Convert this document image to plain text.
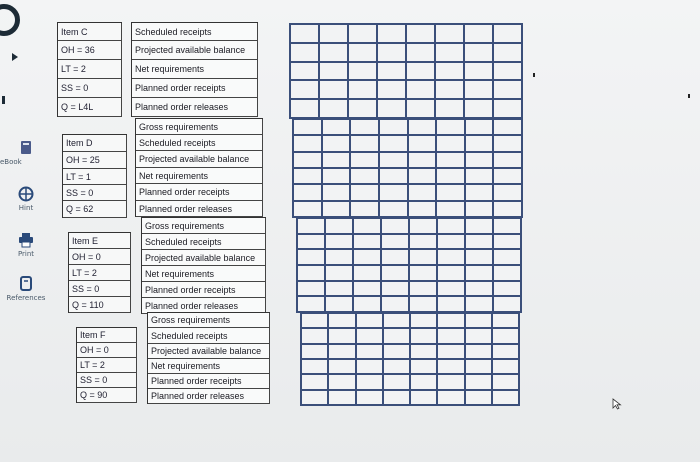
eBook
Hint
Print
References
Item C
OH = 36
LT = 2
SS = 0
Q = L4L
Scheduled receipts
Projected available balance
Net requirements
Planned order receipts
Planned order releases
Item D
OH = 25
LT = 1
SS = 0
Q = 62
Gross requirements
Scheduled receipts
Projected available balance
Net requirements
Planned order receipts
Planned order releases
Item E
OH = 0
LT = 2
SS = 0
Q = 110
Gross requirements
Scheduled receipts
Projected available balance
Net requirements
Planned order receipts
Planned order releases
Item F
OH = 0
LT = 2
SS = 0
Q = 90
Gross requirements
Scheduled receipts
Projected available balance
Net requirements
Planned order receipts
Planned order releases
